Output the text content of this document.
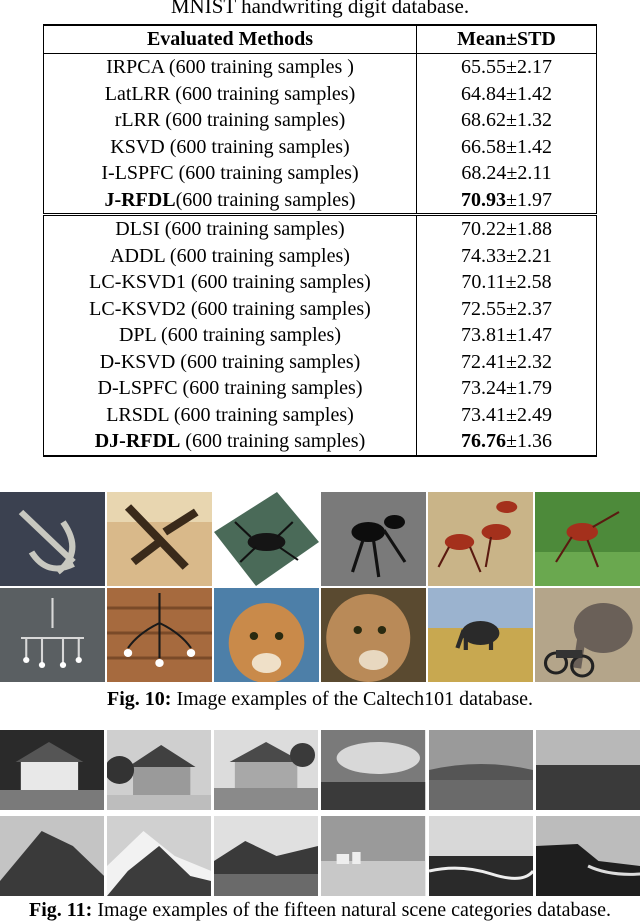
MNIST handwriting digit database.
Evaluated Methods	Mean±STD
IRPCA (600 training samples )	65.55±2.17
LatLRR (600 training samples)	64.84±1.42
rLRR (600 training samples)	68.62±1.32
KSVD (600 training samples)	66.58±1.42
I-LSPFC (600 training samples)	68.24±2.11
J-RFDL(600 training samples)	70.93±1.97
DLSI (600 training samples)	70.22±1.88
ADDL (600 training samples)	74.33±2.21
LC-KSVD1 (600 training samples)	70.11±2.58
LC-KSVD2 (600 training samples)	72.55±2.37
DPL (600 training samples)	73.81±1.47
D-KSVD (600 training samples)	72.41±2.32
D-LSPFC (600 training samples)	73.24±1.79
LRSDL (600 training samples)	73.41±2.49
DJ-RFDL (600 training samples)	76.76±1.36
Fig. 10: Image examples of the Caltech101 database.
Fig. 11: Image examples of the fifteen natural scene categories database.
